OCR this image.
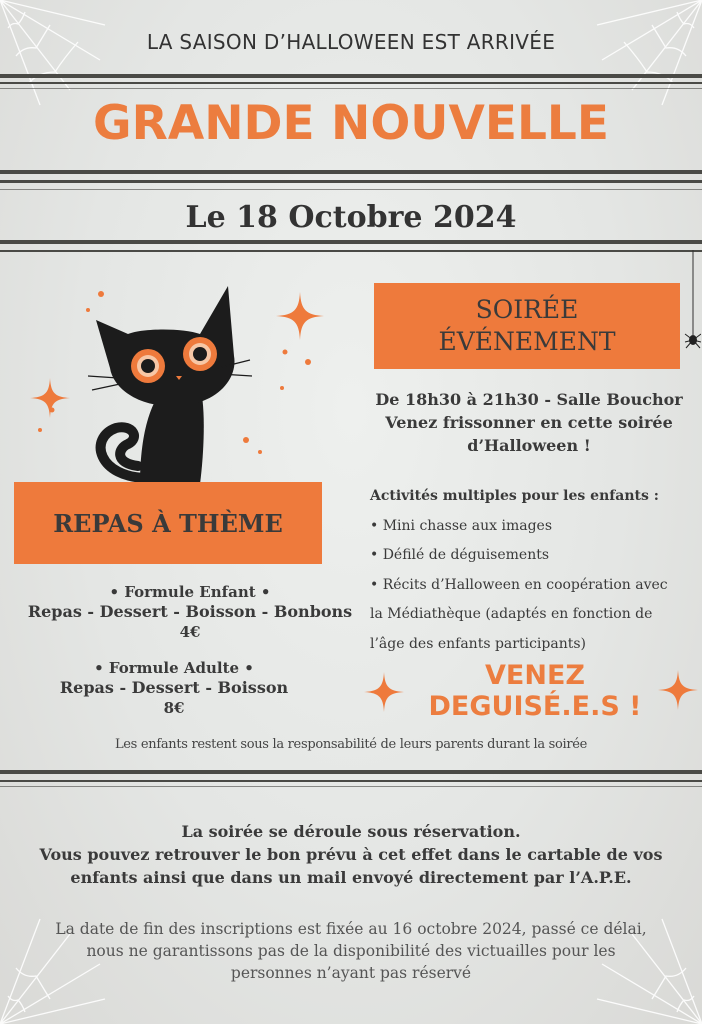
LA SAISON D’HALLOWEEN EST ARRIVÉE
GRANDE NOUVELLE
Le 18 Octobre 2024
SOIRÉE
ÉVÉNEMENT
De 18h30 à 21h30 - Salle Bouchor
Venez frissonner en cette soirée
d’Halloween !
Activités multiples pour les enfants :
• Mini chasse aux images
• Défilé de déguisements
• Récits d’Halloween en coopération avec
la Médiathèque (adaptés en fonction de
l’âge des enfants participants)
VENEZ
DEGUISÉ.E.S !
REPAS À THÈME
• Formule Enfant •
Repas - Dessert - Boisson - Bonbons
4€
• Formule Adulte •
Repas - Dessert - Boisson
8€
Les enfants restent sous la responsabilité de leurs parents durant la soirée
La soirée se déroule sous réservation.
Vous pouvez retrouver le bon prévu à cet effet dans le cartable de vos
enfants ainsi que dans un mail envoyé directement par l’A.P.E.
La date de fin des inscriptions est fixée au 16 octobre 2024, passé ce délai,
nous ne garantissons pas de la disponibilité des victuailles pour les
personnes n’ayant pas réservé
